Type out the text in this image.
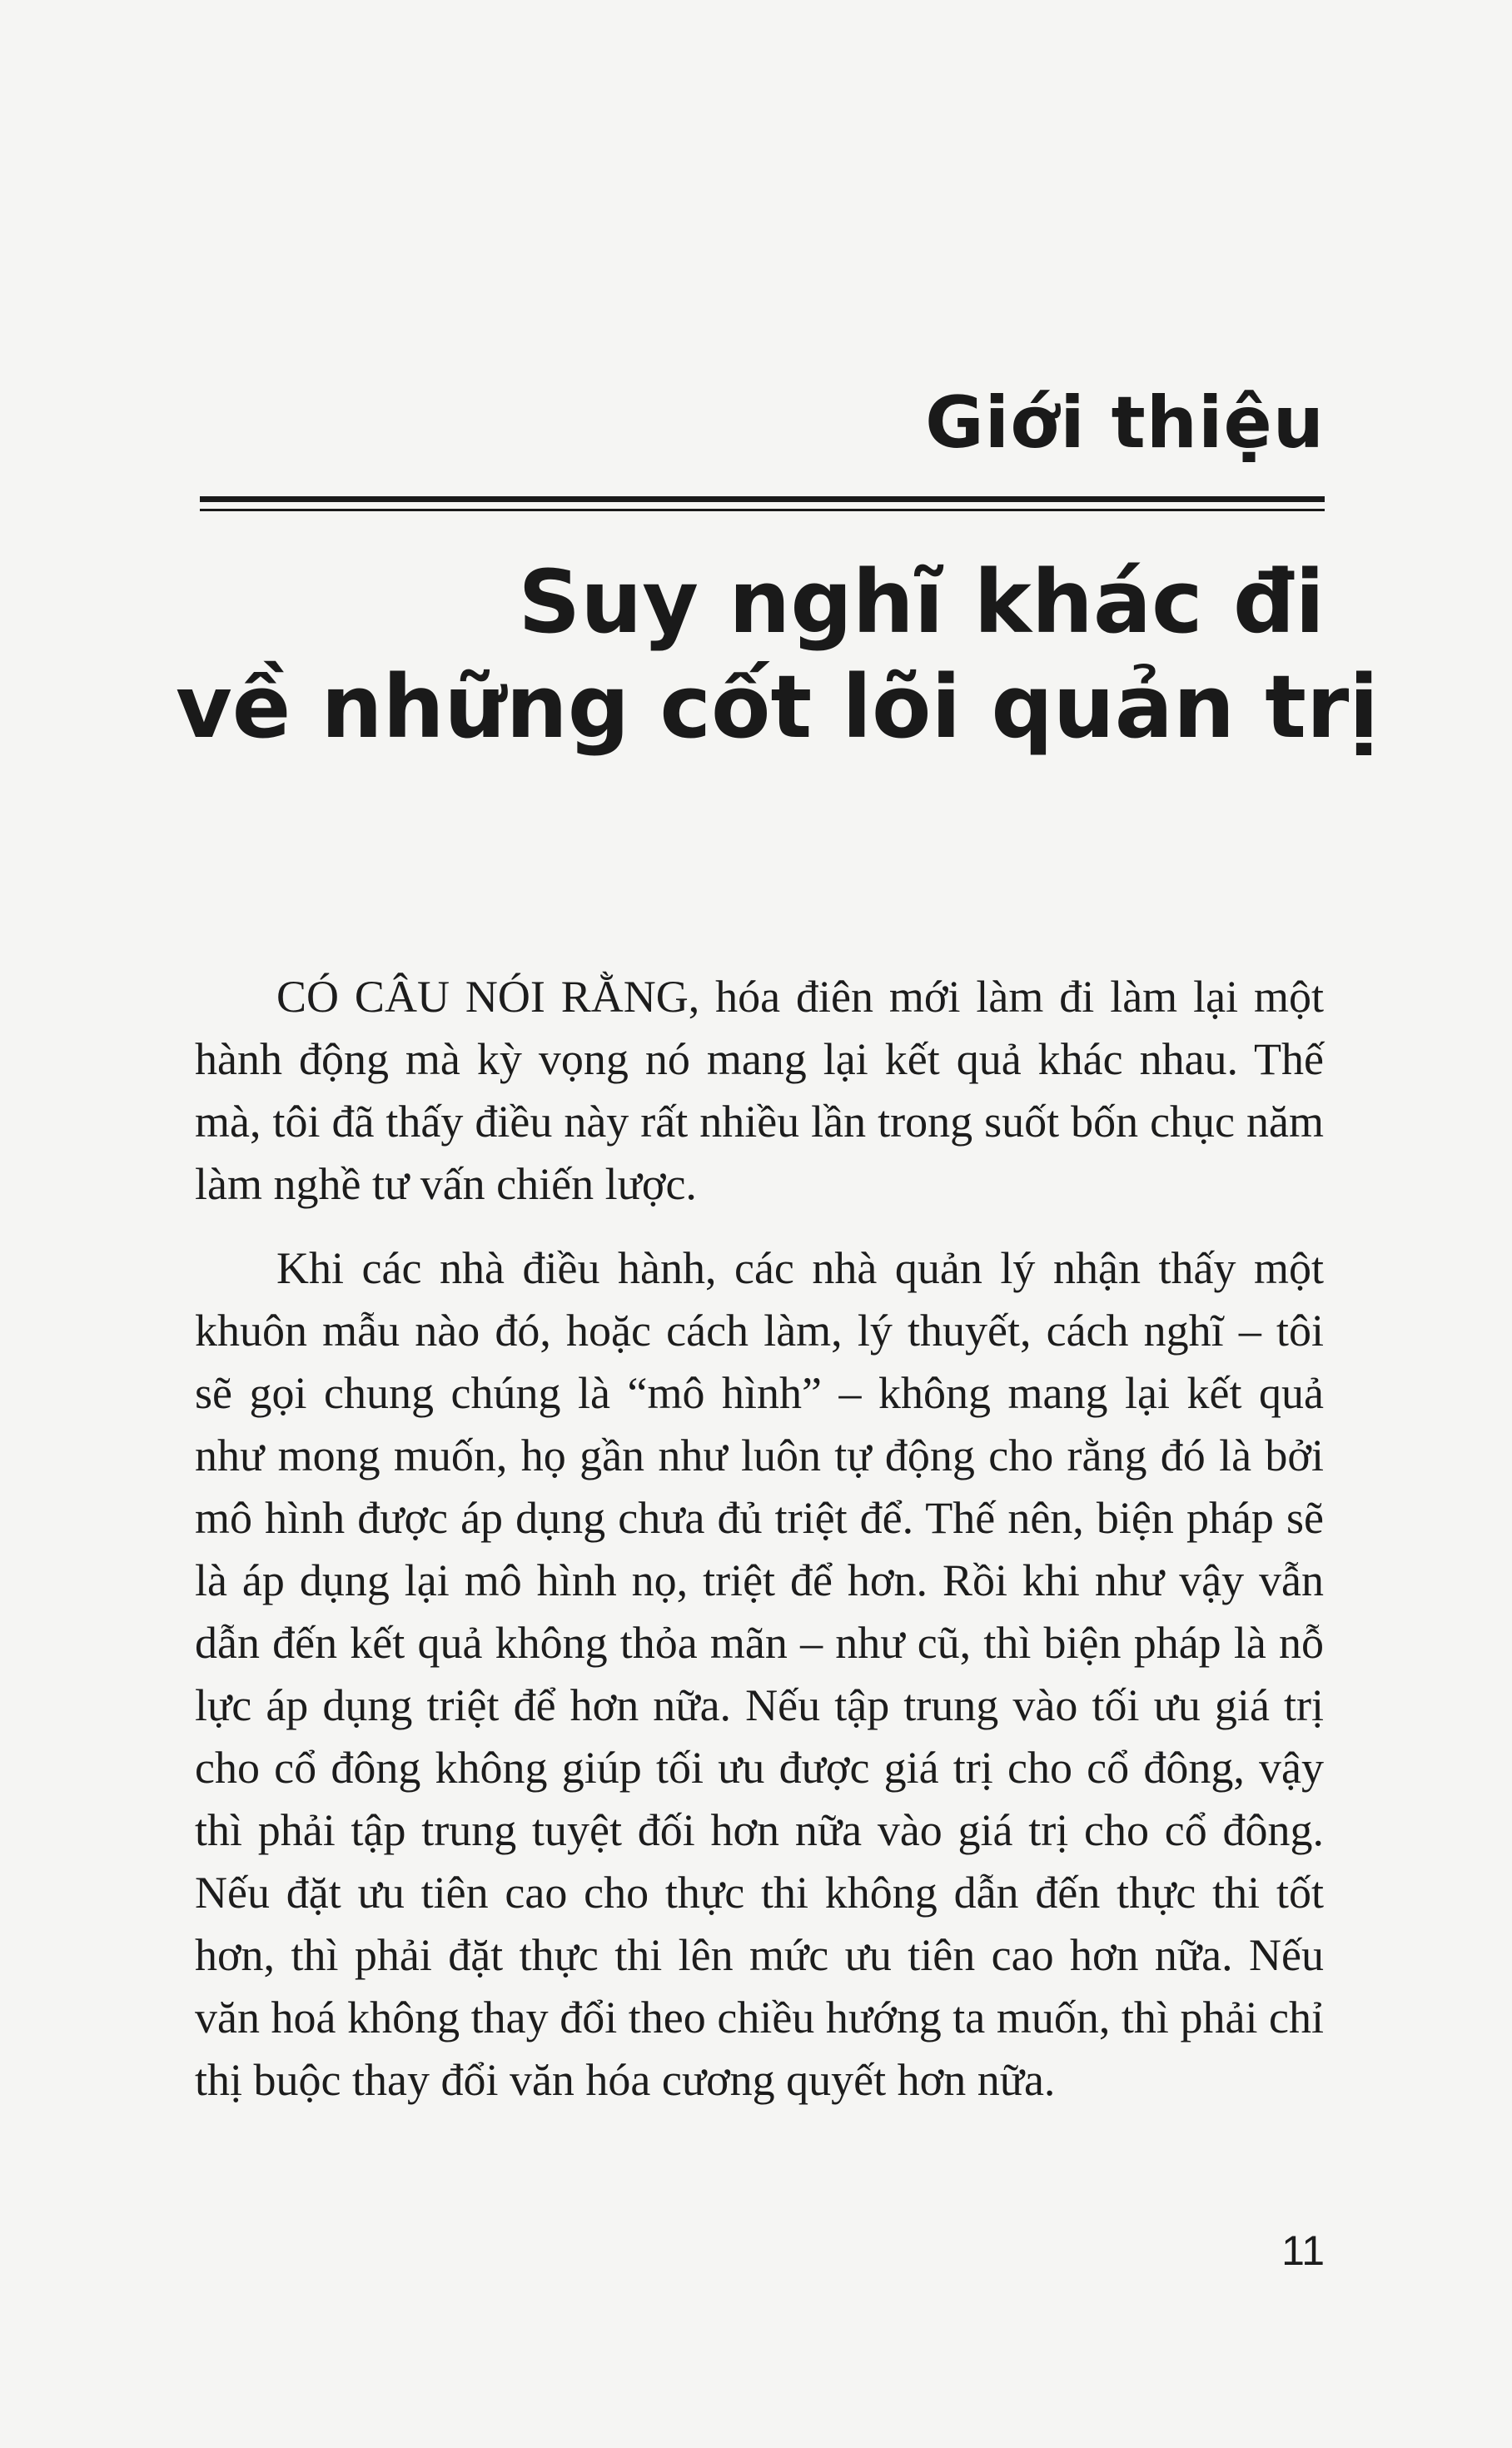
Giới thiệu
Suy nghĩ khác đi
về những cốt lõi quản trị

CÓ CÂU NÓI RẰNG, hóa điên mới làm đi làm lại một hành động mà kỳ vọng nó mang lại kết quả khác nhau. Thế mà, tôi đã thấy điều này rất nhiều lần trong suốt bốn chục năm làm nghề tư vấn chiến lược.

Khi các nhà điều hành, các nhà quản lý nhận thấy một khuôn mẫu nào đó, hoặc cách làm, lý thuyết, cách nghĩ – tôi sẽ gọi chung chúng là “mô hình” – không mang lại kết quả như mong muốn, họ gần như luôn tự động cho rằng đó là bởi mô hình được áp dụng chưa đủ triệt để. Thế nên, biện pháp sẽ là áp dụng lại mô hình nọ, triệt để hơn. Rồi khi như vậy vẫn dẫn đến kết quả không thỏa mãn – như cũ, thì biện pháp là nỗ lực áp dụng triệt để hơn nữa. Nếu tập trung vào tối ưu giá trị cho cổ đông không giúp tối ưu được giá trị cho cổ đông, vậy thì phải tập trung tuyệt đối hơn nữa vào giá trị cho cổ đông. Nếu đặt ưu tiên cao cho thực thi không dẫn đến thực thi tốt hơn, thì phải đặt thực thi lên mức ưu tiên cao hơn nữa. Nếu văn hoá không thay đổi theo chiều hướng ta muốn, thì phải chỉ thị buộc thay đổi văn hóa cương quyết hơn nữa.

11
